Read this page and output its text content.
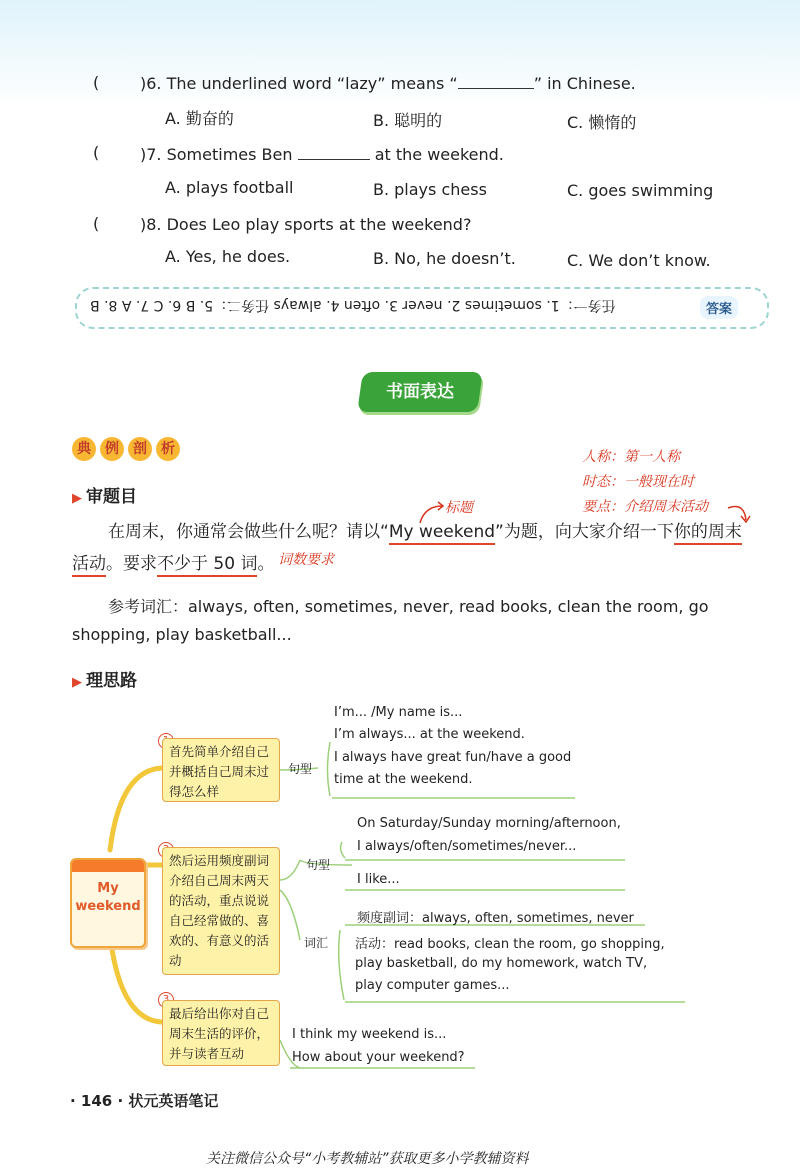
(	)6. The underlined word “lazy” means “	” in Chinese.
A. 勤奋的	B. 聪明的	C. 懒惰的
(	)7. Sometimes Ben	at the weekend.
A. plays football	B. plays chess	C. goes swimming
(	)8. Does Leo play sports at the weekend?
A. Yes, he does.	B. No, he doesn’t.	C. We don’t know.
答案
任务一：1. sometimes 2. never 3. often 4. always 任务二：5. B 6. C 7. A 8. B
书面表达
典	例	剖	析	人称：第一人称
时态：一般现在时
要点：介绍周末活动
标题
词数要求
▶ 审题目
在周末，你通常会做些什么呢？请以“My weekend”为题，向大家介绍一下你的周末
活动。要求不少于 50 词。
参考词汇：always, often, sometimes, never, read books, clean the room, go
shopping, play basketball...
▶ 理思路
My weekend
首先简单介绍自己并概括自己周末过得怎么样
然后运用频度副词介绍自己周末两天的活动，重点说说自己经常做的、喜欢的、有意义的活动
最后给出你对自己周末生活的评价，并与读者互动
句型
句型
词汇
I’m... /My name is...
I’m always... at the weekend.
I always have great fun/have a good
time at the weekend.
On Saturday/Sunday morning/afternoon,
I always/often/sometimes/never...
I like...
频度副词：always, often, sometimes, never
活动：read books, clean the room, go shopping,
play basketball, do my homework, watch TV,
play computer games...
I think my weekend is...
How about your weekend?
· 146 · 状元英语笔记
关注微信公众号“小考教辅站”获取更多小学教辅资料
